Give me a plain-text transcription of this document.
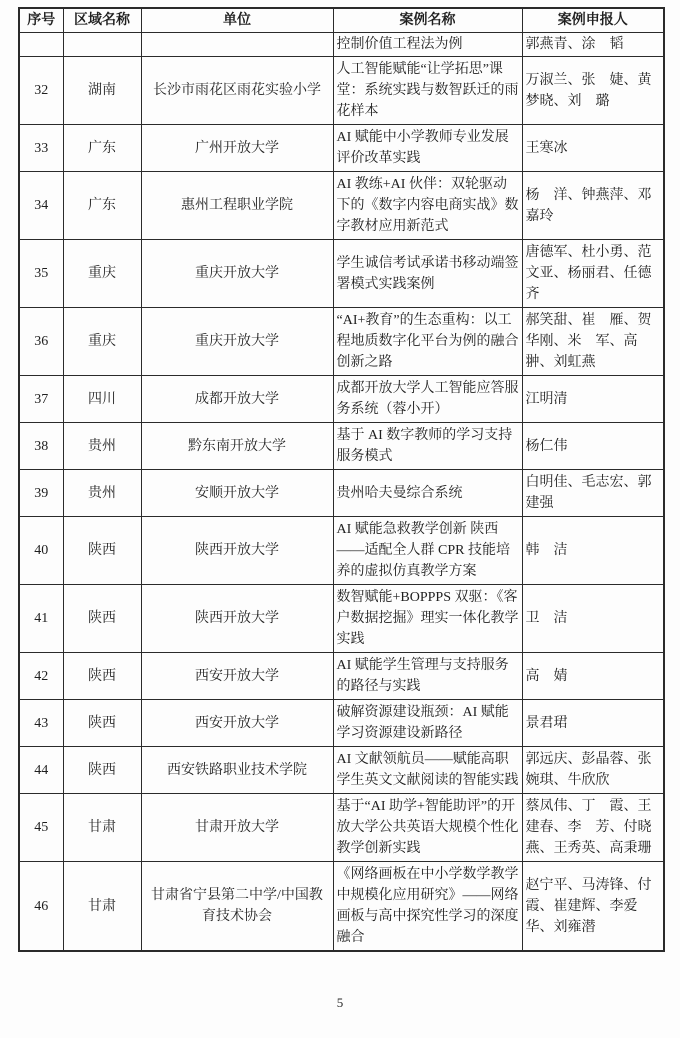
序号	区域名称	单位	案例名称	案例申报人
			控制价值工程法为例	郭燕青、涂　韬
32	湖南	长沙市雨花区雨花实验小学	人工智能赋能“让学拓思”课堂：系统实践与数智跃迁的雨花样本	万淑兰、张　婕、黄梦晓、刘　璐
33	广东	广州开放大学	AI 赋能中小学教师专业发展评价改革实践	王寒冰
34	广东	惠州工程职业学院	AI 教练+AI 伙伴：双轮驱动下的《数字内容电商实战》数字教材应用新范式	杨　洋、钟燕萍、邓嘉玲
35	重庆	重庆开放大学	学生诚信考试承诺书移动端签署模式实践案例	唐德军、杜小勇、范文亚、杨丽君、任德齐
36	重庆	重庆开放大学	“AI+教育”的生态重构：以工程地质数字化平台为例的融合创新之路	郝笑甜、崔　雁、贺华刚、米　军、高　翀、刘虹燕
37	四川	成都开放大学	成都开放大学人工智能应答服务系统（蓉小开）	江明清
38	贵州	黔东南开放大学	基于 AI 数字教师的学习支持服务模式	杨仁伟
39	贵州	安顺开放大学	贵州哈夫曼综合系统	白明佳、毛志宏、郭建强
40	陕西	陕西开放大学	AI 赋能急救教学创新 陕西——适配全人群 CPR 技能培养的虚拟仿真教学方案	韩　洁
41	陕西	陕西开放大学	数智赋能+BOPPPS 双驱：《客户数据挖掘》理实一体化教学实践	卫　洁
42	陕西	西安开放大学	AI 赋能学生管理与支持服务的路径与实践	高　婧
43	陕西	西安开放大学	破解资源建设瓶颈：AI 赋能学习资源建设新路径	景君珺
44	陕西	西安铁路职业技术学院	AI 文献领航员——赋能高职学生英文文献阅读的智能实践	郭远庆、彭晶蓉、张婉琪、牛欣欣
45	甘肃	甘肃开放大学	基于“AI 助学+智能助评”的开放大学公共英语大规模个性化教学创新实践	蔡凤伟、丁　霞、王建春、李　芳、付晓燕、王秀英、高秉珊
46	甘肃	甘肃省宁县第二中学/中国教育技术协会	《网络画板在中小学数学教学中规模化应用研究》——网络画板与高中探究性学习的深度融合	赵宁平、马涛锋、付　霞、崔建辉、李爱华、刘雍潜
5
